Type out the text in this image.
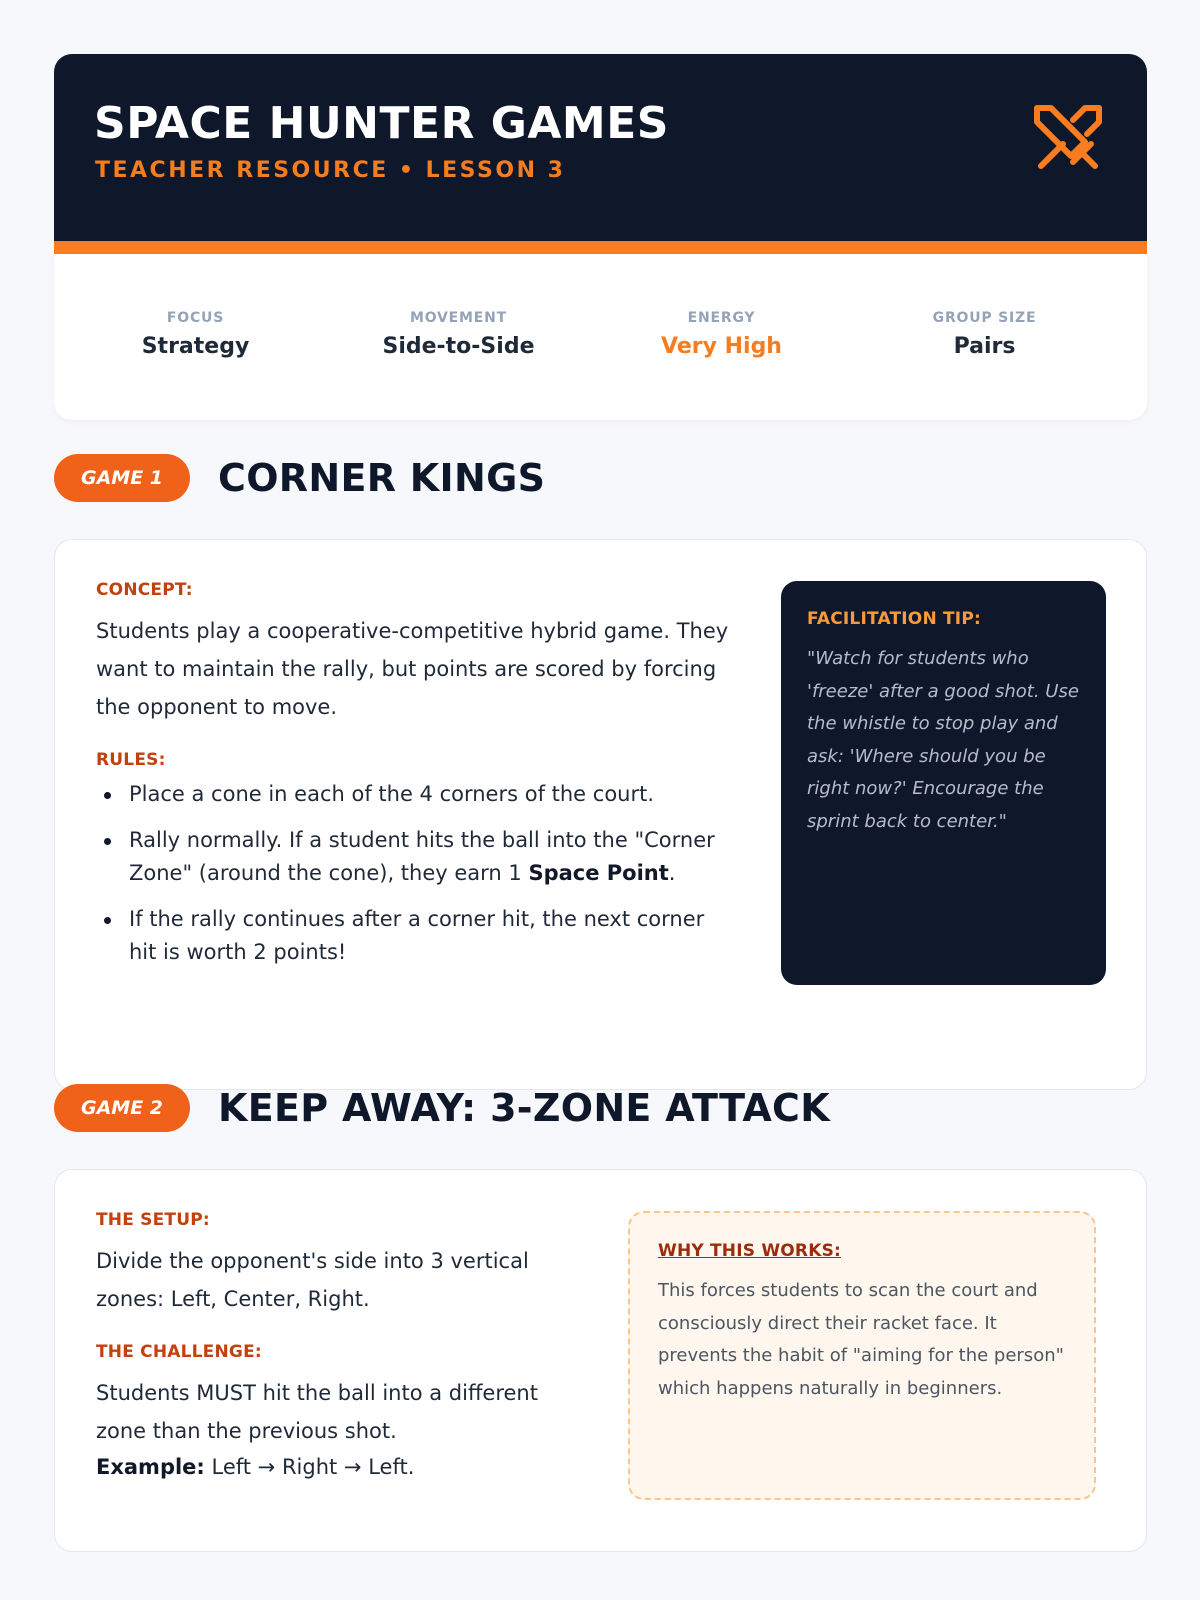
SPACE HUNTER GAMES
TEACHER RESOURCE • LESSON 3
FOCUS
Strategy
MOVEMENT
Side-to-Side
ENERGY
Very High
GROUP SIZE
Pairs
GAME 1	CORNER KINGS
CONCEPT:
Students play a cooperative-competitive hybrid game. They want to maintain the rally, but points are scored by forcing the opponent to move.
RULES:
Place a cone in each of the 4 corners of the court.
Rally normally. If a student hits the ball into the "Corner Zone" (around the cone), they earn 1 Space Point.
If the rally continues after a corner hit, the next corner hit is worth 2 points!
FACILITATION TIP:
"Watch for students who 'freeze' after a good shot. Use the whistle to stop play and ask: 'Where should you be right now?' Encourage the sprint back to center."
GAME 2	KEEP AWAY: 3-ZONE ATTACK
THE SETUP:
Divide the opponent's side into 3 vertical zones: Left, Center, Right.
THE CHALLENGE:
Students MUST hit the ball into a different zone than the previous shot.
Example: Left → Right → Left.
WHY THIS WORKS:
This forces students to scan the court and consciously direct their racket face. It prevents the habit of "aiming for the person" which happens naturally in beginners.
